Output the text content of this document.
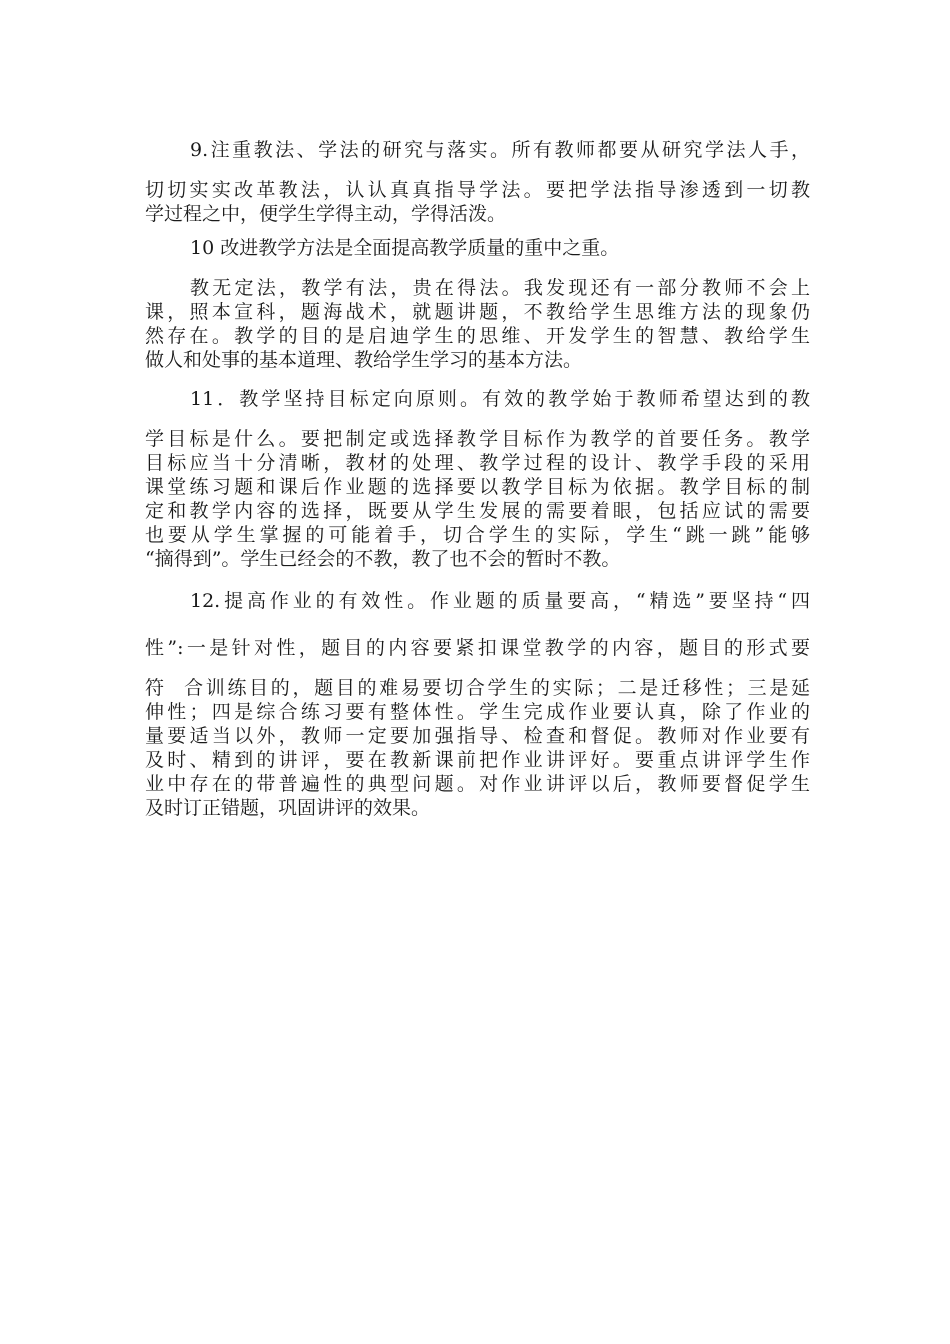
9.注重教法、学法的研究与落实。所有教师都要从研究学法人手，

切切实实改革教法，认认真真指导学法。要把学法指导渗透到一切教
学过程之中，便学生学得主动，学得活泼。

10 改进教学方法是全面提高教学质量的重中之重。

教无定法，教学有法，贵在得法。我发现还有一部分教师不会上
课，照本宣科，题海战术，就题讲题，不教给学生思维方法的现象仍
然存在。教学的目的是启迪学生的思维、开发学生的智慧、教给学生
做人和处事的基本道理、教给学生学习的基本方法。

11．教学坚持目标定向原则。有效的教学始于教师希望达到的教

学目标是什么。要把制定或选择教学目标作为教学的首要任务。教学
目标应当十分清晰，教材的处理、教学过程的设计、教学手段的采用
课堂练习题和课后作业题的选择要以教学目标为依据。教学目标的制
定和教学内容的选择，既要从学生发展的需要着眼，包括应试的需要
也要从学生掌握的可能着手，切合学生的实际，学生“跳一跳”能够
“摘得到”。学生已经会的不教，教了也不会的暂时不教。

12.提高作业的有效性。作业题的质量要高，“精选”要坚持“四

性”:一是针对性，题目的内容要紧扣课堂教学的内容，题目的形式要

符  合训练目的，题目的难易要切合学生的实际；二是迁移性；三是延
伸性；四是综合练习要有整体性。学生完成作业要认真，除了作业的
量要适当以外，教师一定要加强指导、检查和督促。教师对作业要有
及时、精到的讲评，要在教新课前把作业讲评好。要重点讲评学生作
业中存在的带普遍性的典型问题。对作业讲评以后，教师要督促学生
及时订正错题，巩固讲评的效果。
